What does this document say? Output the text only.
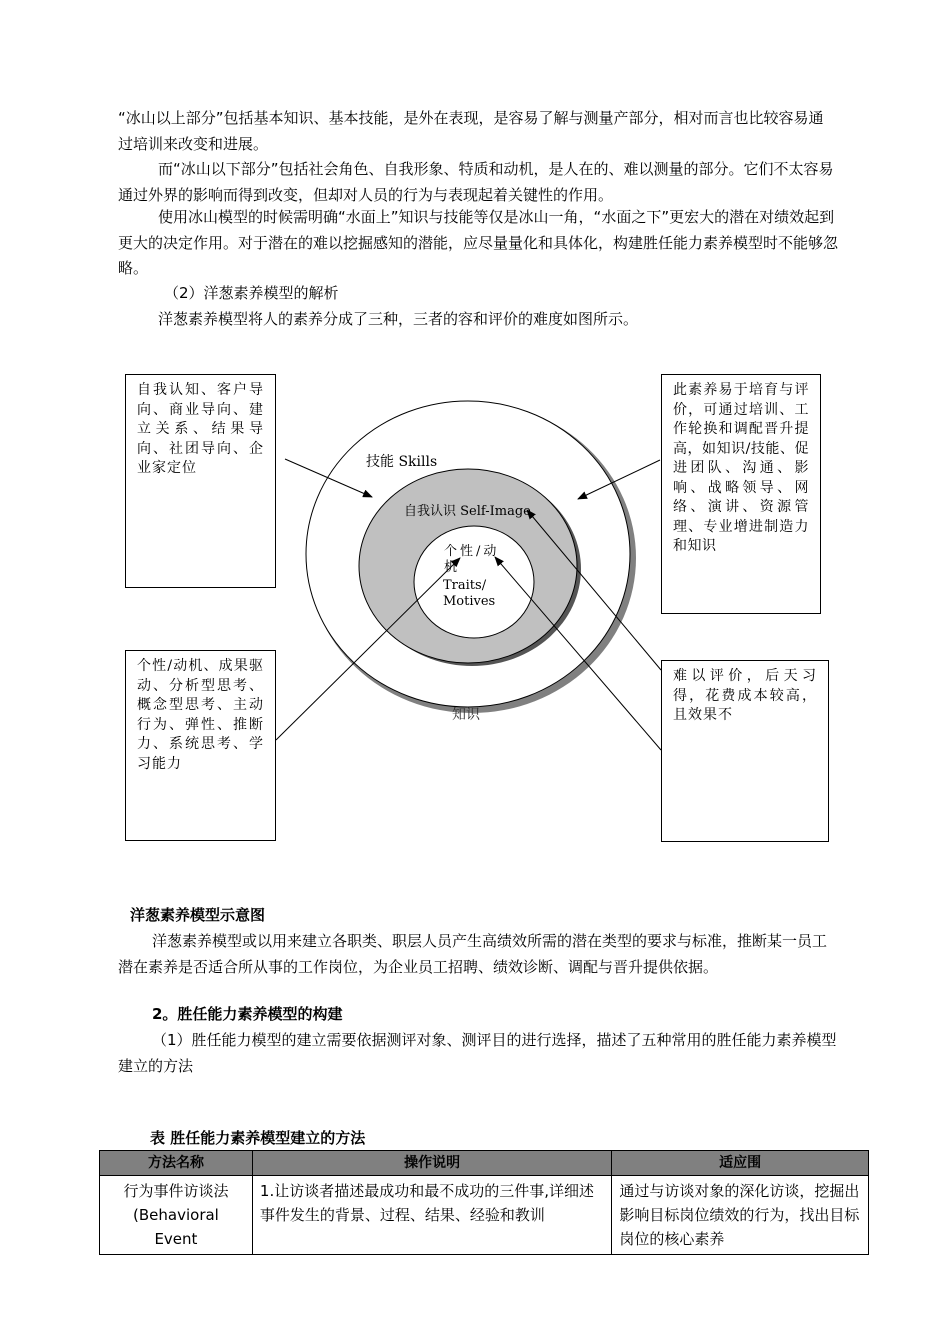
“冰山以上部分”包括基本知识、基本技能，是外在表现，是容易了解与测量产部分，相对而言也比较容易通过培训来改变和进展。

而“冰山以下部分”包括社会角色、自我形象、特质和动机，是人在的、难以测量的部分。它们不太容易通过外界的影响而得到改变，但却对人员的行为与表现起着关键性的作用。

使用冰山模型的时候需明确“水面上”知识与技能等仅是冰山一角，“水面之下”更宏大的潜在对绩效起到更大的决定作用。对于潜在的难以挖掘感知的潜能，应尽量量化和具体化，构建胜任能力素养模型时不能够忽略。

（2）洋葱素养模型的解析

洋葱素养模型将人的素养分成了三种，三者的容和评价的难度如图所示。

技能 Skills
自我认识 Self-Image
个性/动机
Traits/
Motives
知识
自我认知、客户导向、商业导向、建立关系、结果导向、社团导向、企业家定位
此素养易于培育与评价，可通过培训、工作轮换和调配晋升提高，如知识/技能、促进团队、沟通、影响、战略领导、网络、演讲、资源管理、专业增进制造力和知识
个性/动机、成果驱动、分析型思考、概念型思考、主动行为、弹性、推断力、系统思考、学习能力
难以评价，后天习得，花费成本较高，且效果不

洋葱素养模型示意图

洋葱素养模型或以用来建立各职类、职层人员产生高绩效所需的潜在类型的要求与标准，推断某一员工潜在素养是否适合所从事的工作岗位，为企业员工招聘、绩效诊断、调配与晋升提供依据。

2。胜任能力素养模型的构建

（1）胜任能力模型的建立需要依据测评对象、测评目的进行选择，描述了五种常用的胜任能力素养模型建立的方法

表 胜任能力素养模型建立的方法

方法名称	操作说明	适应围

行为事件访谈法
(Behavioral
Event	1.让访谈者描述最成功和最不成功的三件事,详细述事件发生的背景、过程、结果、经验和教训	通过与访谈对象的深化访谈，挖掘出影响目标岗位绩效的行为，找出目标岗位的核心素养
